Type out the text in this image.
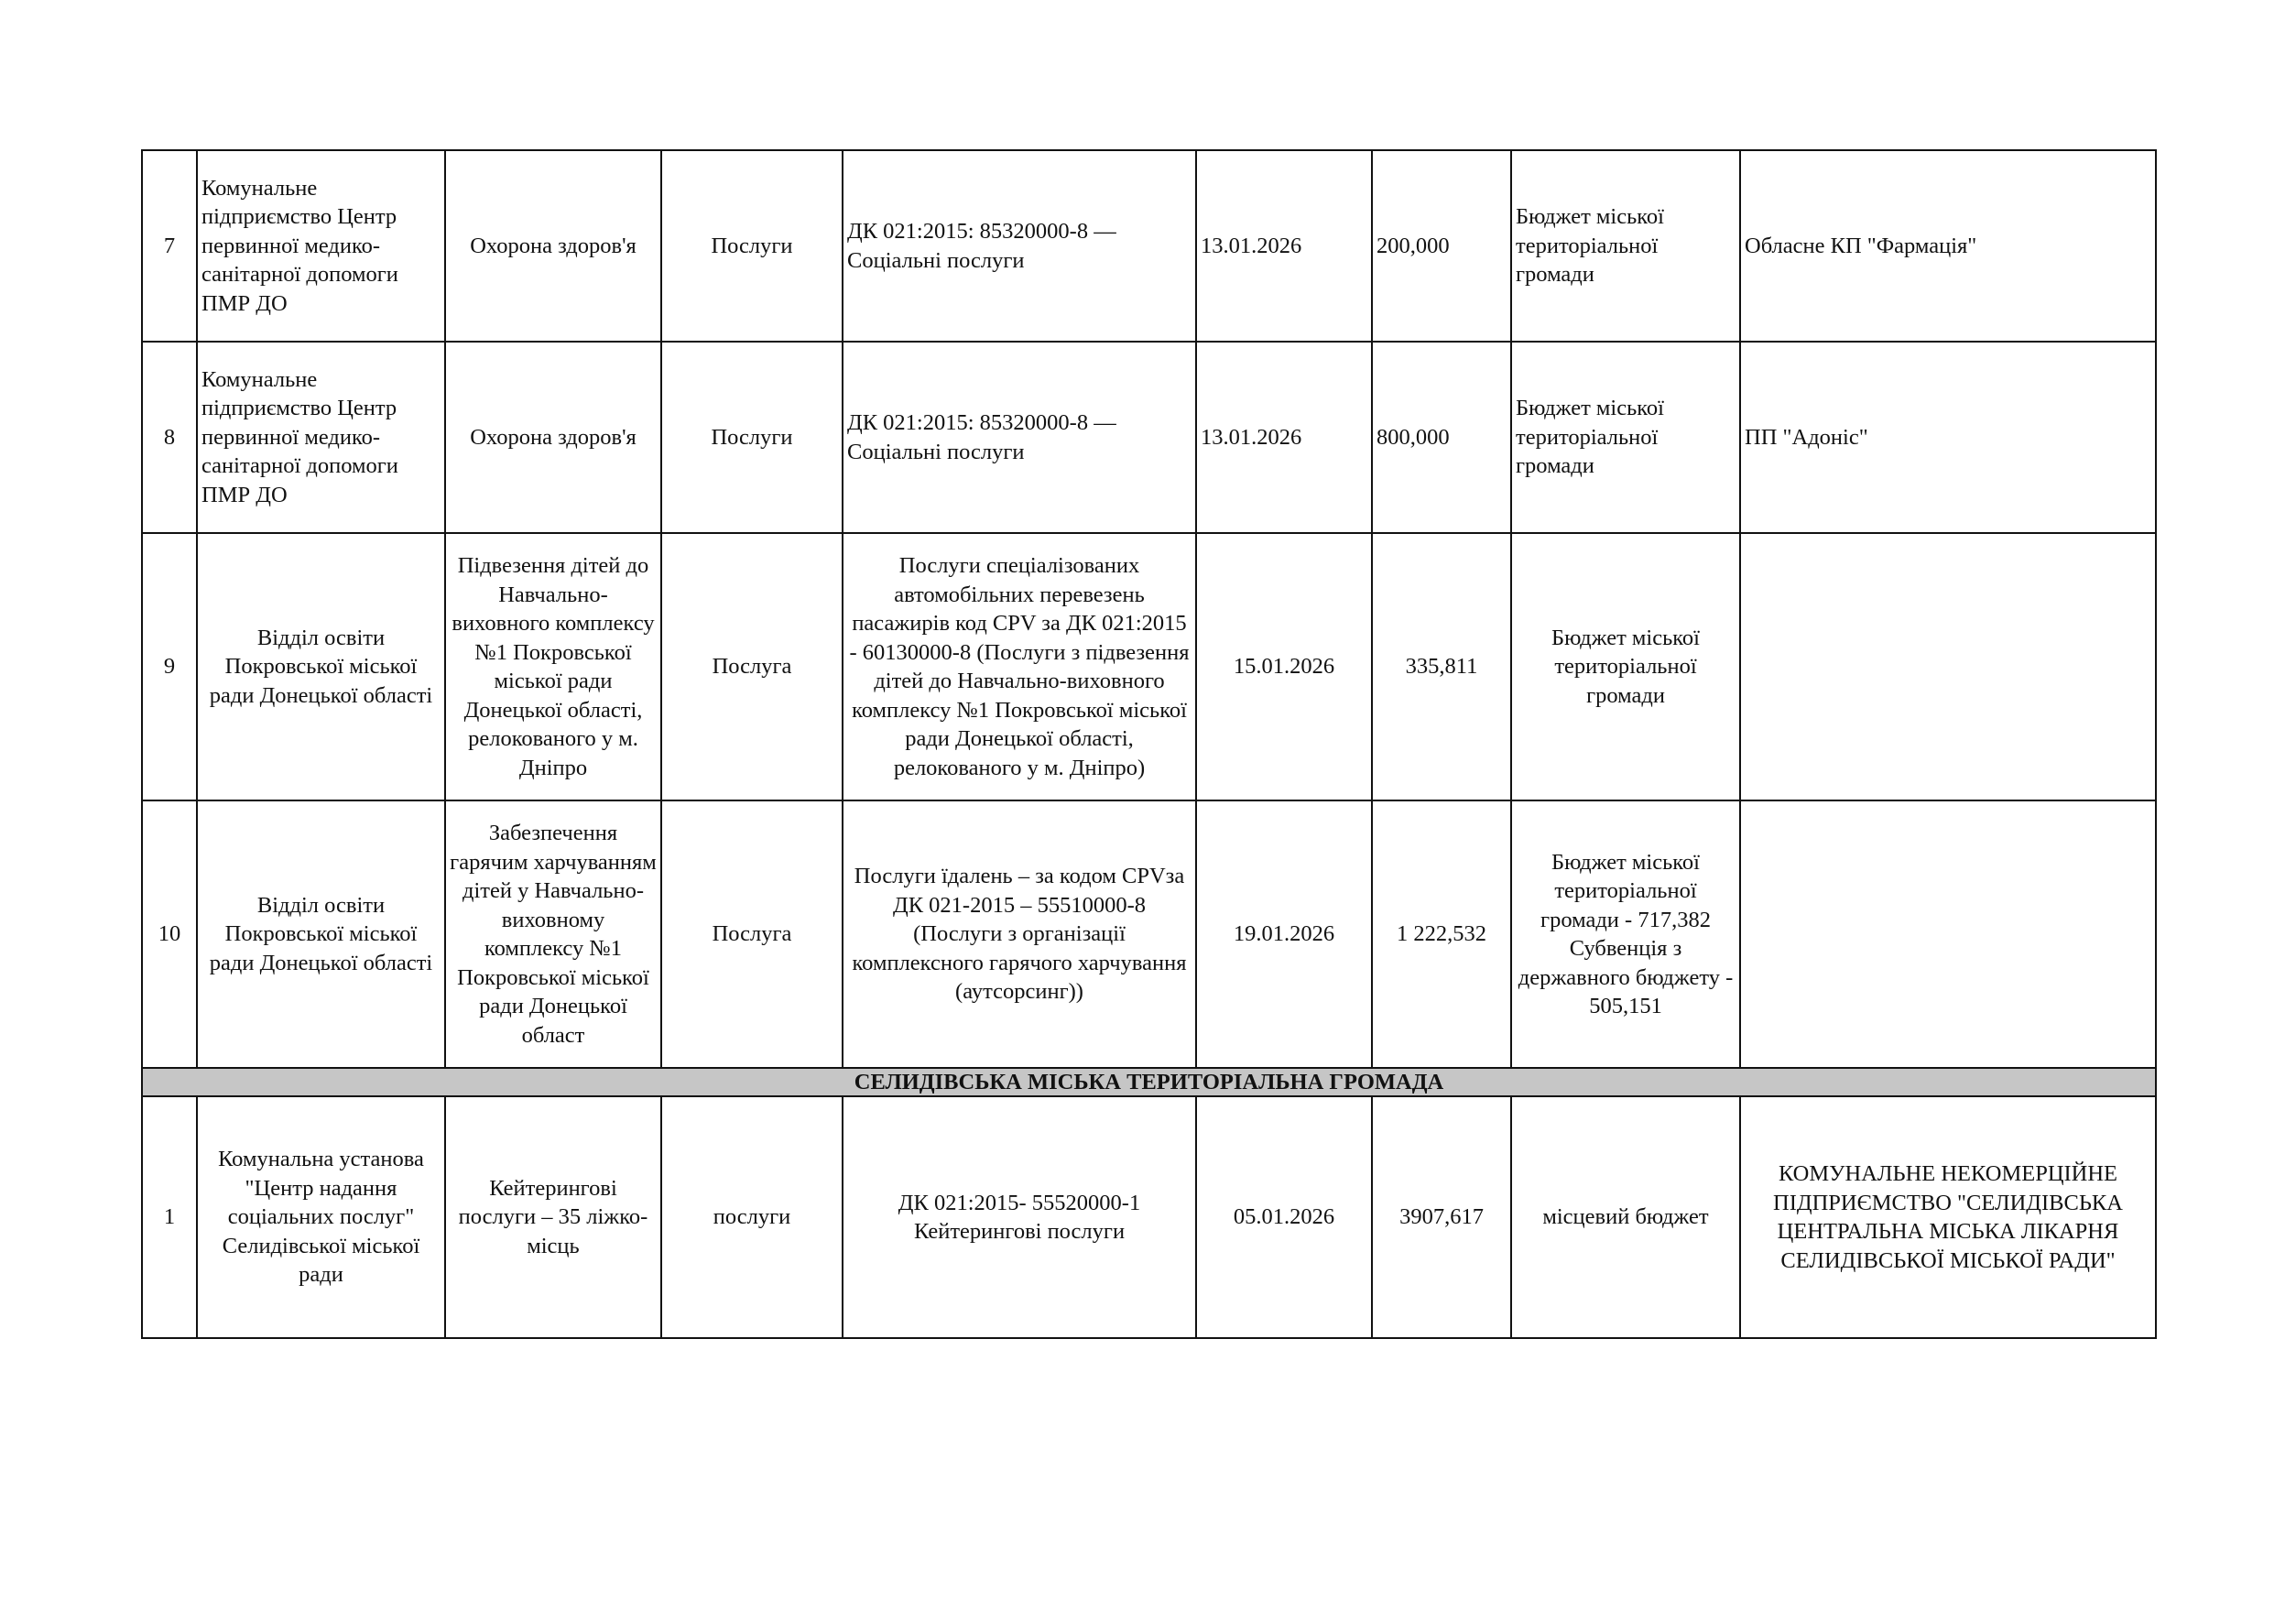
7	Комунальне підприємство Центр первинної медико-санітарної допомоги ПМР ДО	Охорона здоров'я	Послуги	ДК 021:2015: 85320000-8 — Соціальні послуги	13.01.2026	200,000	Бюджет міської територіальної громади	Обласне КП "Фармація"
8	Комунальне підприємство Центр первинної медико-санітарної допомоги ПМР ДО	Охорона здоров'я	Послуги	ДК 021:2015: 85320000-8 — Соціальні послуги	13.01.2026	800,000	Бюджет міської територіальної громади	ПП "Адоніс"
9	Відділ освіти Покровської міської ради Донецької області	Підвезення дітей до Навчально-виховного комплексу №1 Покровської міської ради Донецької області, релокованого у м. Дніпро	Послуга	Послуги спеціалізованих автомобільних перевезень пасажирів код CPV за ДК 021:2015 - 60130000-8 (Послуги з підвезення дітей до Навчально-виховного комплексу №1 Покровської міської ради Донецької області, релокованого у м. Дніпро)	15.01.2026	335,811	Бюджет міської територіальної громади	
10	Відділ освіти Покровської міської ради Донецької області	Забезпечення гарячим харчуванням дітей у Навчально-виховному комплексу №1 Покровської міської ради Донецької област	Послуга	Послуги їдалень – за кодом CPVза ДК 021-2015 – 55510000-8 (Послуги з організації комплексного гарячого харчування (аутсорсинг))	19.01.2026	1 222,532	Бюджет міської територіальної громади - 717,382 Субвенція з державного бюджету - 505,151	
СЕЛИДІВСЬКА МІСЬКА ТЕРИТОРІАЛЬНА ГРОМАДА								
1	Комунальна установа "Центр надання соціальних послуг" Селидівської міської ради	Кейтерингові послуги – 35 ліжко-місць	послуги	ДК 021:2015- 55520000-1 Кейтерингові послуги	05.01.2026	3907,617	місцевий бюджет	КОМУНАЛЬНЕ НЕКОМЕРЦІЙНЕ ПІДПРИЄМСТВО "СЕЛИДІВСЬКА ЦЕНТРАЛЬНА МІСЬКА ЛІКАРНЯ СЕЛИДІВСЬКОЇ МІСЬКОЇ РАДИ"
